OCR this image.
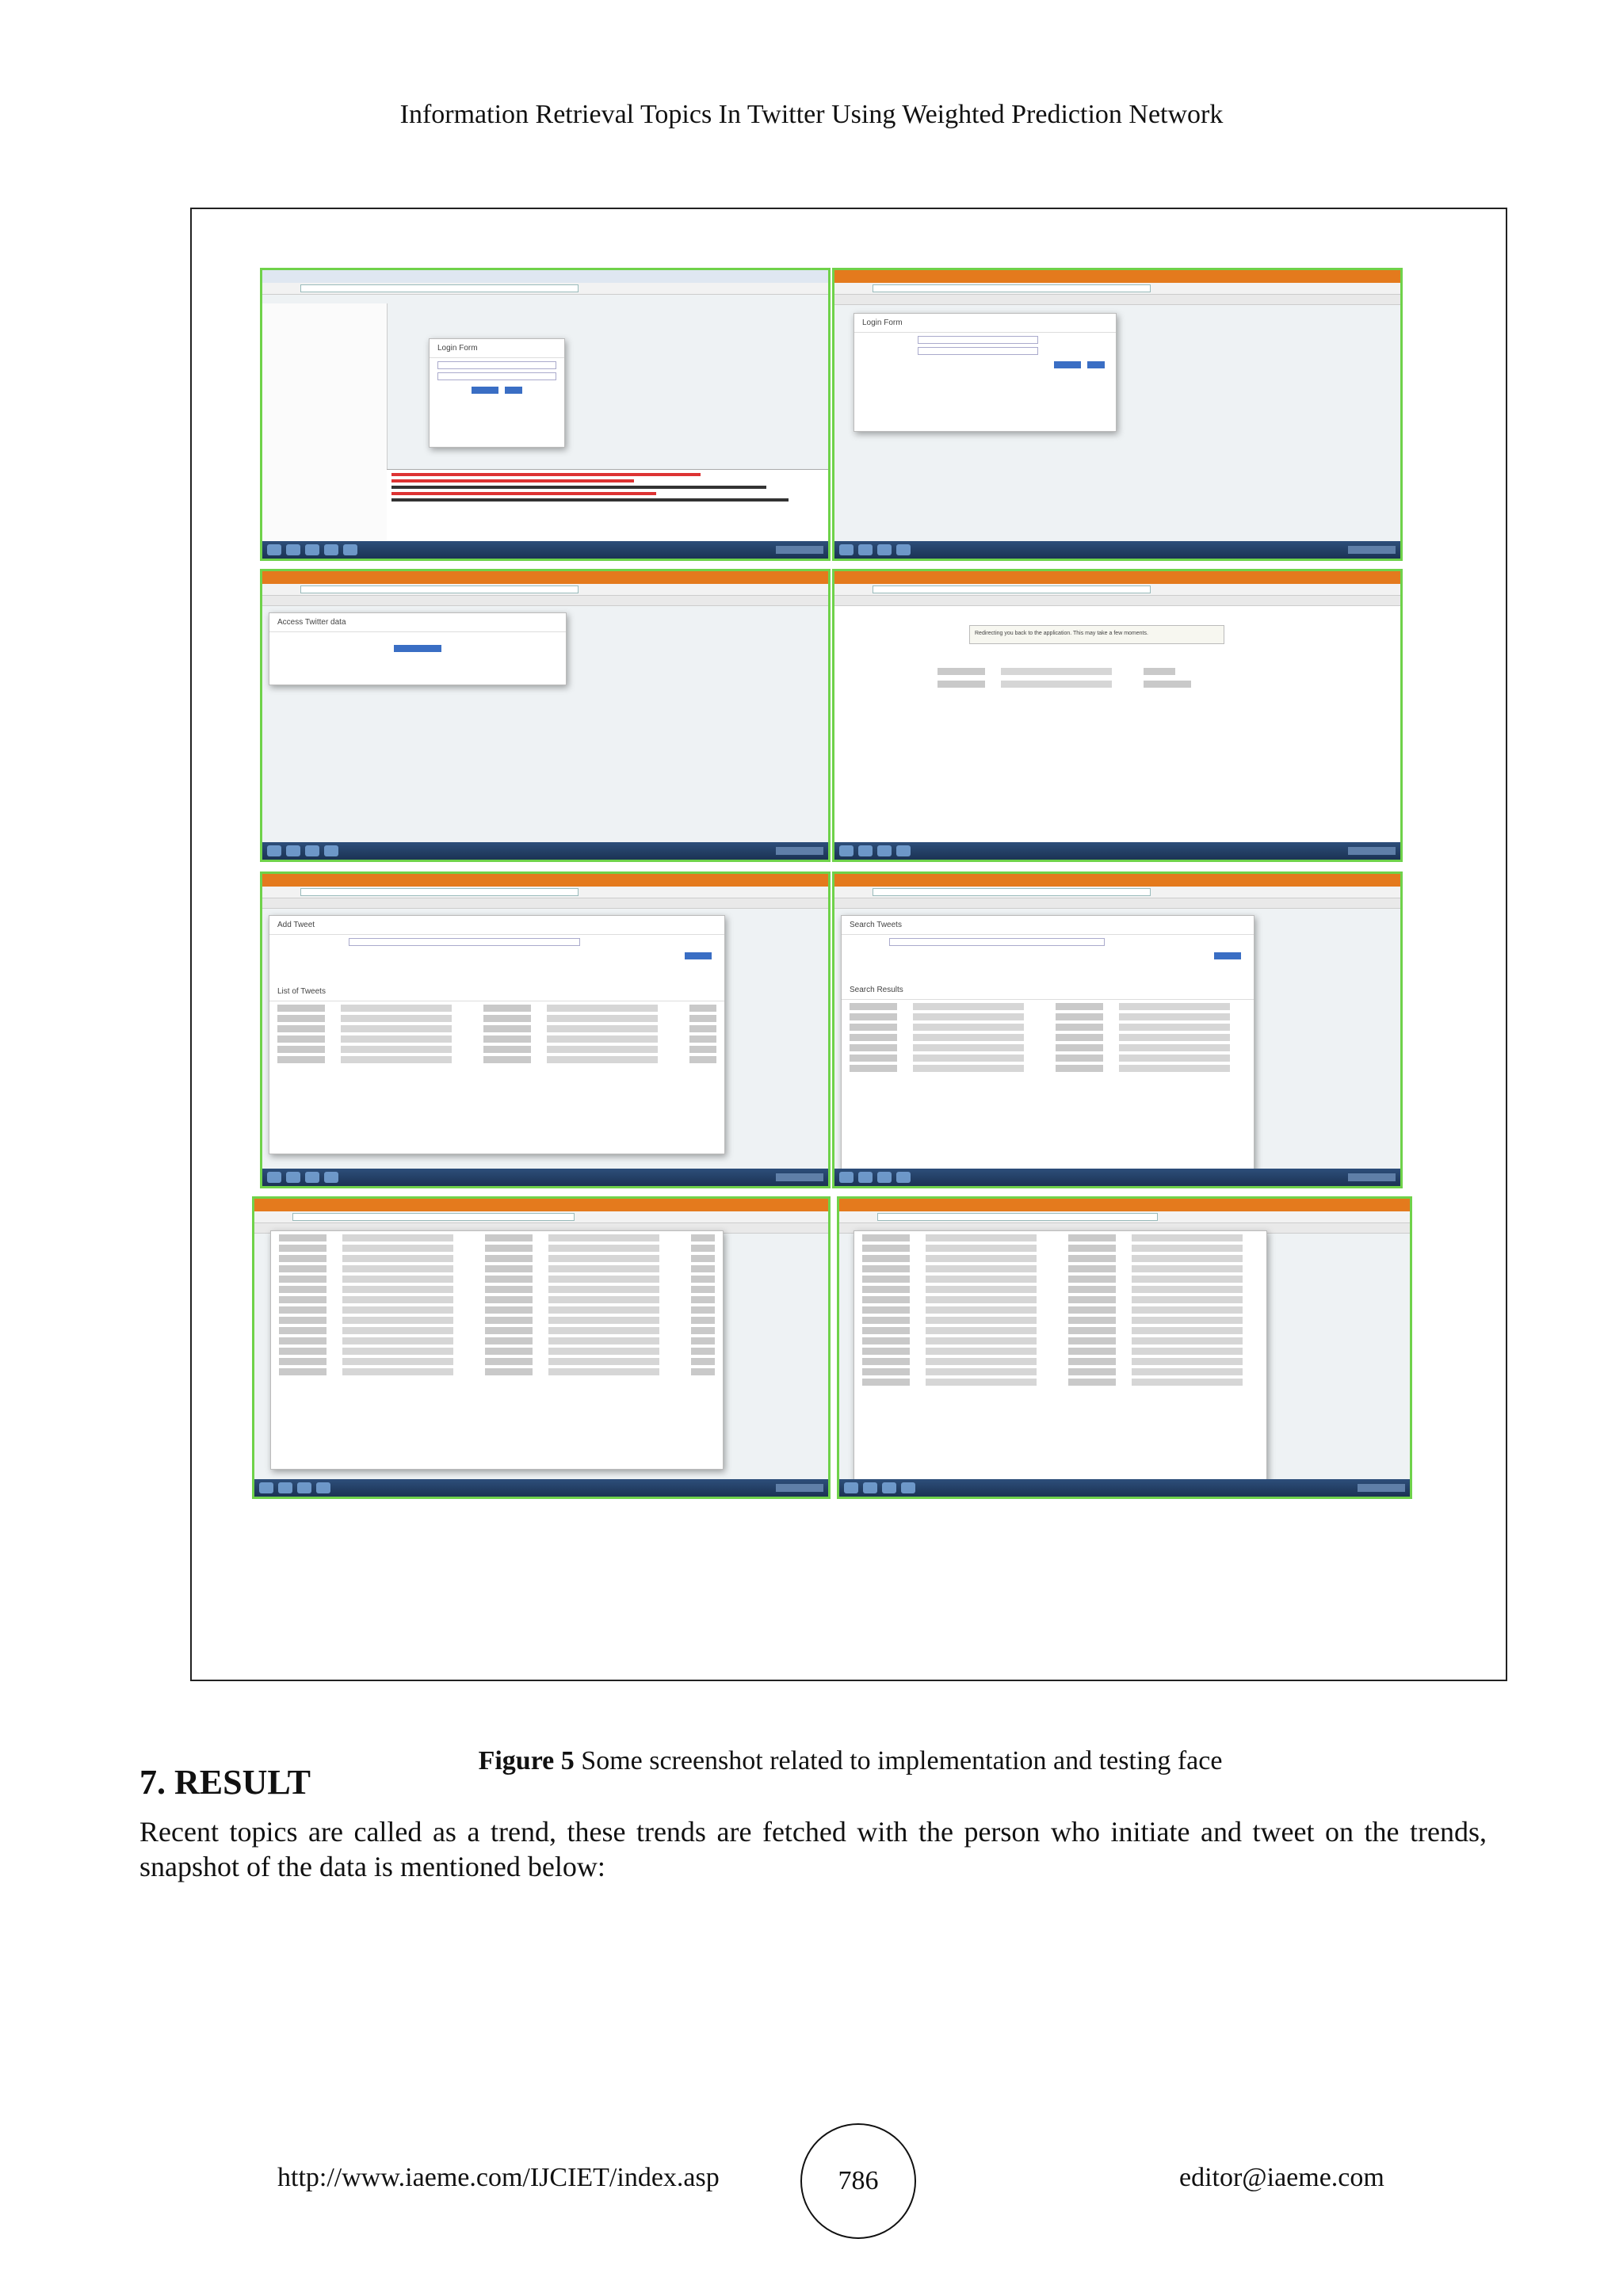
Information Retrieval Topics In Twitter Using Weighted Prediction Network
Login Form
Login Form
Access Twitter data
Redirecting you back to the application. This may take a few moments.
Add Tweet
List of Tweets
Search Tweets
Search Results
Figure 5 Some screenshot related to implementation and testing face
7. RESULT
Recent topics are called as a trend, these trends are fetched with the person who initiate and tweet on the trends, snapshot of the data is mentioned below:
http://www.iaeme.com/IJCIET/index.asp	786	editor@iaeme.com
